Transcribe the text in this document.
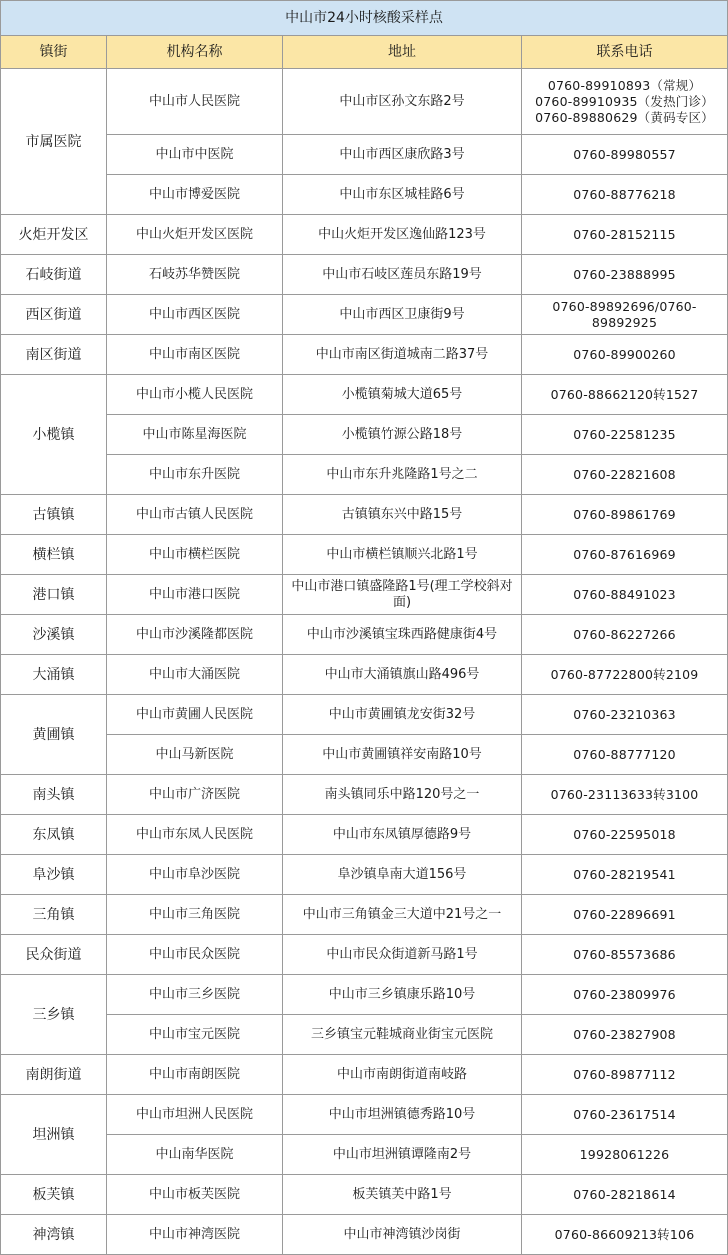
中山市24小时核酸采样点			
镇街	机构名称	地址	联系电话
市属医院	中山市人民医院	中山市区孙文东路2号	0760-89910893（常规）
0760-89910935（发热门诊）
0760-89880629（黄码专区）

	中山市中医院	中山市西区康欣路3号	0760-89980557

	中山市博爱医院	中山市东区城桂路6号	0760-88776218

火炬开发区	中山火炬开发区医院	中山火炬开发区逸仙路123号	0760-28152115

石岐街道	石岐苏华赞医院	中山市石岐区莲员东路19号	0760-23888995

西区街道	中山市西区医院	中山市西区卫康街9号	0760-89892696/0760-
89892925

南区街道	中山市南区医院	中山市南区街道城南二路37号	0760-89900260

小榄镇	中山市小榄人民医院	小榄镇菊城大道65号	0760-88662120转1527

	中山市陈星海医院	小榄镇竹源公路18号	0760-22581235

	中山市东升医院	中山市东升兆隆路1号之二	0760-22821608

古镇镇	中山市古镇人民医院	古镇镇东兴中路15号	0760-89861769

横栏镇	中山市横栏医院	中山市横栏镇顺兴北路1号	0760-87616969

港口镇	中山市港口医院	中山市港口镇盛隆路1号(理工学校斜对面)	0760-88491023

沙溪镇	中山市沙溪隆都医院	中山市沙溪镇宝珠西路健康街4号	0760-86227266

大涌镇	中山市大涌医院	中山市大涌镇旗山路496号	0760-87722800转2109

黄圃镇	中山市黄圃人民医院	中山市黄圃镇龙安街32号	0760-23210363

	中山马新医院	中山市黄圃镇祥安南路10号	0760-88777120

南头镇	中山市广济医院	南头镇同乐中路120号之一	0760-23113633转3100

东凤镇	中山市东凤人民医院	中山市东凤镇厚德路9号	0760-22595018

阜沙镇	中山市阜沙医院	阜沙镇阜南大道156号	0760-28219541

三角镇	中山市三角医院	中山市三角镇金三大道中21号之一	0760-22896691

民众街道	中山市民众医院	中山市民众街道新马路1号	0760-85573686

三乡镇	中山市三乡医院	中山市三乡镇康乐路10号	0760-23809976

	中山市宝元医院	三乡镇宝元鞋城商业街宝元医院	0760-23827908

南朗街道	中山市南朗医院	中山市南朗街道南岐路	0760-89877112

坦洲镇	中山市坦洲人民医院	中山市坦洲镇德秀路10号	0760-23617514

	中山南华医院	中山市坦洲镇谭隆南2号	19928061226

板芙镇	中山市板芙医院	板芙镇芙中路1号	0760-28218614

神湾镇	中山市神湾医院	中山市神湾镇沙岗街	0760-86609213转106
